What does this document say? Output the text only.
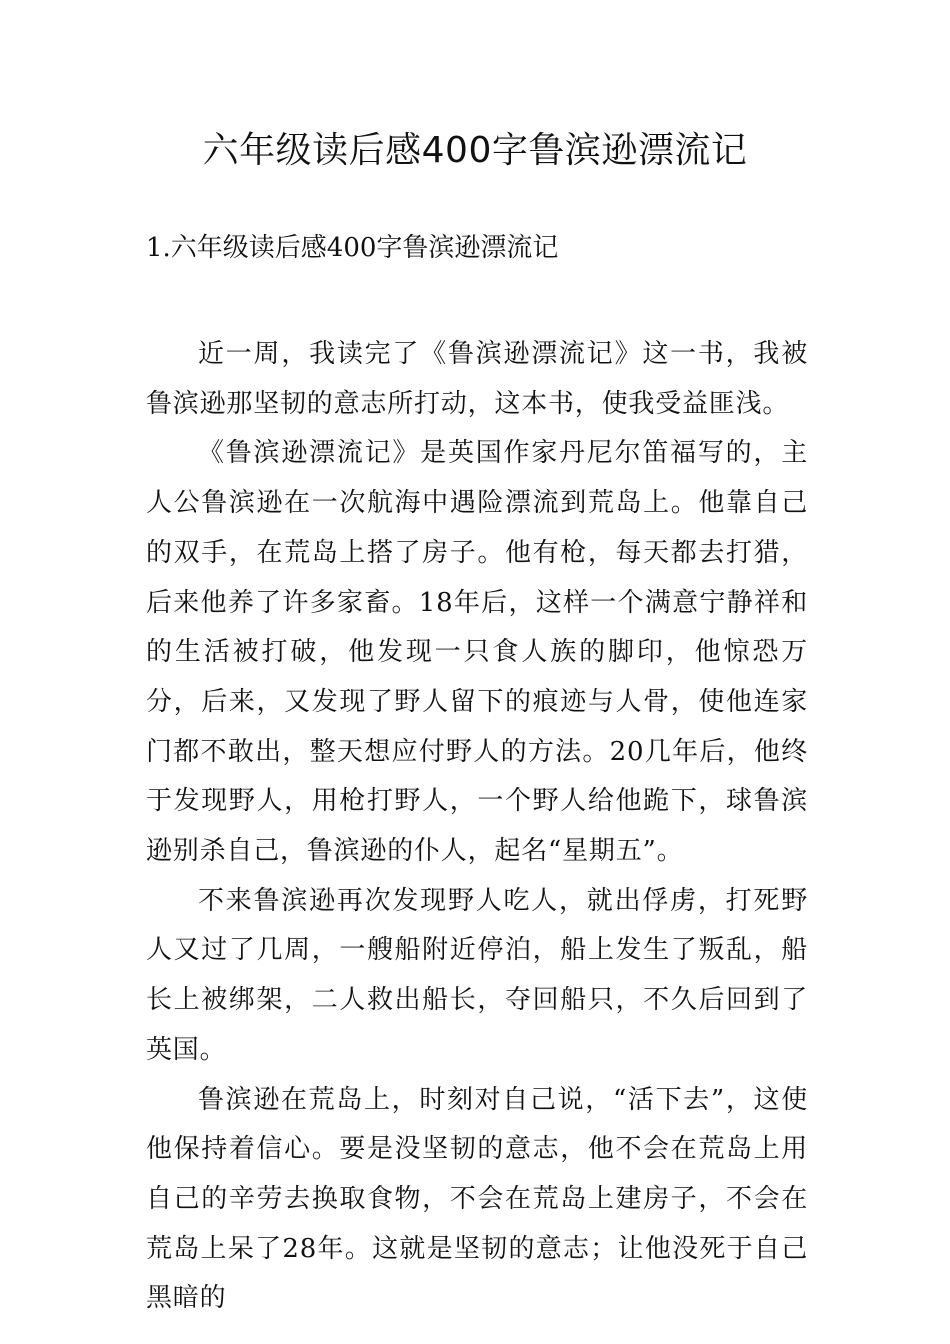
六年级读后感400字鲁滨逊漂流记
1.六年级读后感400字鲁滨逊漂流记

近一周，我读完了《鲁滨逊漂流记》这一书，我被鲁滨逊那坚韧的意志所打动，这本书，使我受益匪浅。

《鲁滨逊漂流记》是英国作家丹尼尔笛福写的，主人公鲁滨逊在一次航海中遇险漂流到荒岛上。他靠自己的双手，在荒岛上搭了房子。他有枪，每天都去打猎，后来他养了许多家畜。18年后，这样一个满意宁静祥和的生活被打破，他发现一只食人族的脚印，他惊恐万分，后来，又发现了野人留下的痕迹与人骨，使他连家门都不敢出，整天想应付野人的方法。20几年后，他终于发现野人，用枪打野人，一个野人给他跪下，球鲁滨逊别杀自己，鲁滨逊的仆人，起名“星期五”。

不来鲁滨逊再次发现野人吃人，就出俘虏，打死野人又过了几周，一艘船附近停泊，船上发生了叛乱，船长上被绑架，二人救出船长，夺回船只，不久后回到了英国。

鲁滨逊在荒岛上，时刻对自己说，“活下去”，这使他保持着信心。要是没坚韧的意志，他不会在荒岛上用自己的辛劳去换取食物，不会在荒岛上建房子，不会在荒岛上呆了28年。这就是坚韧的意志；让他没死于自己黑暗的
